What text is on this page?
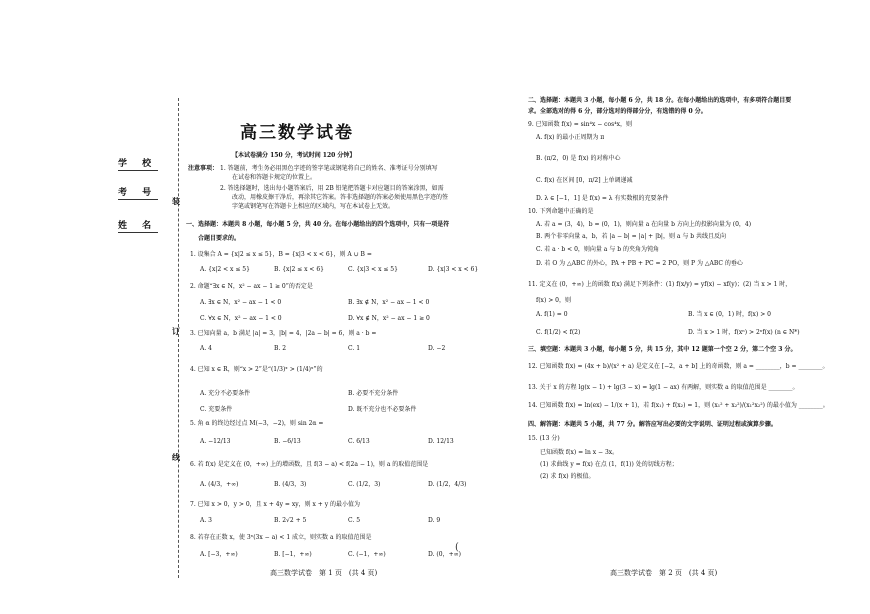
学 校
考 号
姓 名
装
订
线
高三数学试卷
【本试卷满分 150 分，考试时间 120 分钟】
注意事项： 1. 答题前，考生务必用黑色字迹的签字笔或钢笔将自己的姓名、准考证号分别填写
在试卷和答题卡规定的位置上。
2. 答选择题时，选出每小题答案后，用 2B 铅笔把答题卡对应题目的答案涂黑，如需
改动，用橡皮擦干净后，再涂其它答案。答非选择题的答案必须使用黑色字迹的签
字笔或钢笔写在答题卡上相应的区域内，写在本试卷上无效。
一、选择题：本题共 8 小题，每小题 5 分，共 40 分。在每小题给出的四个选项中，只有一项是符
合题目要求的。
1. 设集合 A = {x|2 ≤ x ≤ 5}，B = {x|3 < x < 6}，则 A ∪ B =
A. {x|2 < x ≤ 5}	B. {x|2 ≤ x < 6}	C. {x|3 < x ≤ 5}	D. {x|3 < x < 6}
2. 命题“∃x ∈ N，x² − ax − 1 ≥ 0”的否定是
A. ∃x ∈ N，x² − ax − 1 < 0	B. ∃x ∉ N，x² − ax − 1 < 0
C. ∀x ∈ N，x² − ax − 1 < 0	D. ∀x ∉ N，x² − ax − 1 ≥ 0
3. 已知向量 a，b 满足 |a| = 3，|b| = 4，|2a − b| = 6，则 a · b =
A. 4	B. 2	C. 1	D. −2
4. 已知 x ∈ R，则“x > 2”是“(1/3)ˣ > (1/4)ˣ”的
A. 充分不必要条件	B. 必要不充分条件
C. 充要条件	D. 既不充分也不必要条件
5. 角 α 的终边经过点 M(−3，−2)，则 sin 2α =
A. −12/13	B. −6/13	C. 6/13	D. 12/13
6. 若 f(x) 是定义在 (0，+∞) 上的增函数，且 f(3 − a) < f(2a − 1)，则 a 的取值范围是
A. (4/3，+∞)	B. (4/3，3)	C. (1/2，3)	D. (1/2，4/3)
7. 已知 x > 0，y > 0，且 x + 4y = xy，则 x + y 的最小值为
A. 3	B. 2√2 + 5	C. 5	D. 9
8. 若存在正数 x，使 3ˣ(3x − a) < 1 成立，则实数 a 的取值范围是
A. [−3，+∞)	B. [−1，+∞)	C. (−1，+∞)	D. (0，+∞)
(
高三数学试卷　第 1 页　(共 4 页)
二、选择题：本题共 3 小题，每小题 6 分，共 18 分。在每小题给出的选项中，有多项符合题目要
求。全部选对的得 6 分，部分选对的得部分分，有选错的得 0 分。
9. 已知函数 f(x) = sin⁴x − cos⁴x，则
A. f(x) 的最小正周期为 π
B. (π/2，0) 是 f(x) 的对称中心
C. f(x) 在区间 [0，π/2] 上单调递减
D. λ ∈ [−1，1] 是 f(x) = λ 有实数根的充要条件
10. 下列命题中正确的是
A. 若 a = (3，4)，b = (0，1)，则向量 a 在向量 b 方向上的投影向量为 (0，4)
B. 两个非零向量 a，b，若 |a − b| = |a| + |b|，则 a 与 b 共线且反向
C. 若 a · b < 0，则向量 a 与 b 的夹角为钝角
D. 若 O 为 △ABC 的外心，PA + PB + PC = 2 PO，则 P 为 △ABC 的垂心
11. 定义在 (0，+∞) 上的函数 f(x) 满足下列条件：(1) f(x/y) = yf(x) − xf(y)；(2) 当 x > 1 时，
f(x) > 0，则
A. f(1) = 0	B. 当 x ∈ (0，1) 时，f(x) > 0
C. f(1/2) < f(2)	D. 当 x > 1 时，f(xⁿ) > 2ⁿf(x) (n ∈ N*)
三、填空题：本题共 3 小题，每小题 5 分，共 15 分，其中 12 题第一个空 2 分，第二个空 3 分。
12. 已知函数 f(x) = (4x + b)/(x² + a) 是定义在 [−2，a + b] 上的奇函数，则 a = ________，b = ________。
13. 关于 x 的方程 lg(x − 1) + lg(3 − x) = lg(1 − ax) 有两解，则实数 a 的取值范围是 ________。
14. 已知函数 f(x) = ln(ex) − 1/(x + 1)，若 f(x₁) + f(x₂) = 1，则 (x₁² + x₂²)/(x₁²x₂²) 的最小值为 ________。
四、解答题：本题共 5 小题，共 77 分。解答应写出必要的文字说明、证明过程或演算步骤。
15. (13 分)
已知函数 f(x) = ln x − 3x。
(1) 求曲线 y = f(x) 在点 (1，f(1)) 处的切线方程；
(2) 求 f(x) 的极值。
高三数学试卷　第 2 页　(共 4 页)
